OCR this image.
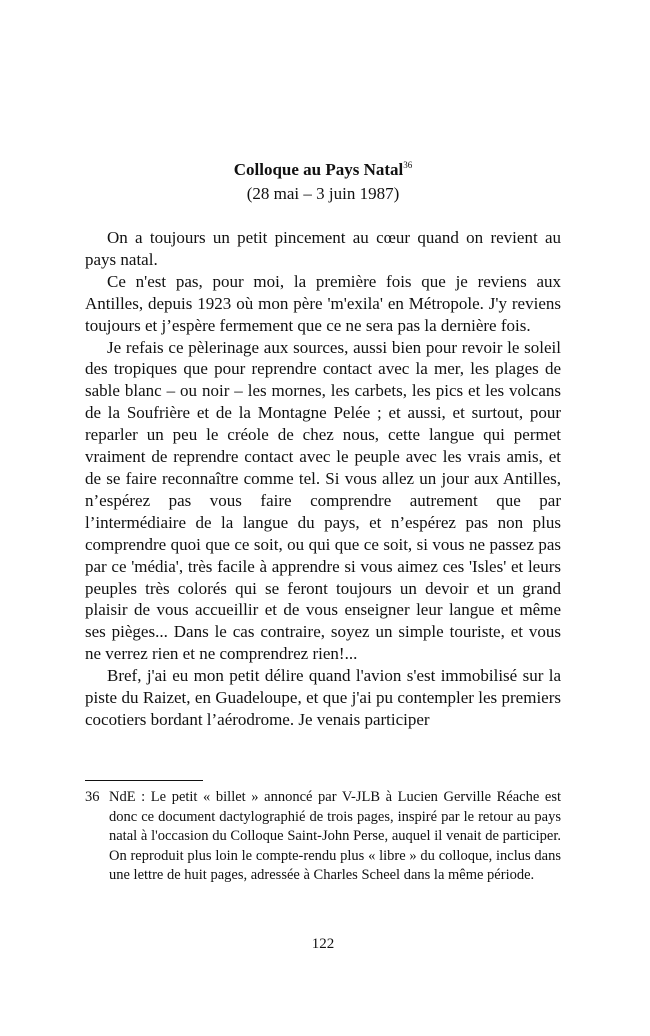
Colloque au Pays Natal$^{36}$
(28 mai – 3 juin 1987)

On a toujours un petit pincement au cœur quand on revient au pays natal.

Ce n'est pas, pour moi, la première fois que je reviens aux Antilles, depuis 1923 où mon père 'm'exila' en Métropole. J'y reviens toujours et j’espère fermement que ce ne sera pas la dernière fois.

Je refais ce pèlerinage aux sources, aussi bien pour revoir le soleil des tropiques que pour reprendre contact avec la mer, les plages de sable blanc – ou noir – les mornes, les carbets, les pics et les volcans de la Soufrière et de la Montagne Pelée ; et aussi, et surtout, pour reparler un peu le créole de chez nous, cette langue qui permet vraiment de reprendre contact avec le peuple avec les vrais amis, et de se faire reconnaître comme tel. Si vous allez un jour aux Antilles, n’espérez pas vous faire comprendre autrement que par l’intermédiaire de la langue du pays, et n’espérez pas non plus comprendre quoi que ce soit, ou qui que ce soit, si vous ne passez pas par ce 'média', très facile à apprendre si vous aimez ces 'Isles' et leurs peuples très colorés qui se feront toujours un devoir et un grand plaisir de vous accueillir et de vous enseigner leur langue et même ses pièges... Dans le cas contraire, soyez un simple touriste, et vous ne verrez rien et ne comprendrez rien!...

Bref, j'ai eu mon petit délire quand l'avion s'est immobilisé sur la piste du Raizet, en Guadeloupe, et que j'ai pu contempler les premiers cocotiers bordant l’aérodrome. Je venais participer

36 NdE : Le petit « billet » annoncé par V-JLB à Lucien Gerville Réache est donc ce document dactylographié de trois pages, inspiré par le retour au pays natal à l'occasion du Colloque Saint-John Perse, auquel il venait de participer. On reproduit plus loin le compte-rendu plus « libre » du colloque, inclus dans une lettre de huit pages, adressée à Charles Scheel dans la même période.
122
